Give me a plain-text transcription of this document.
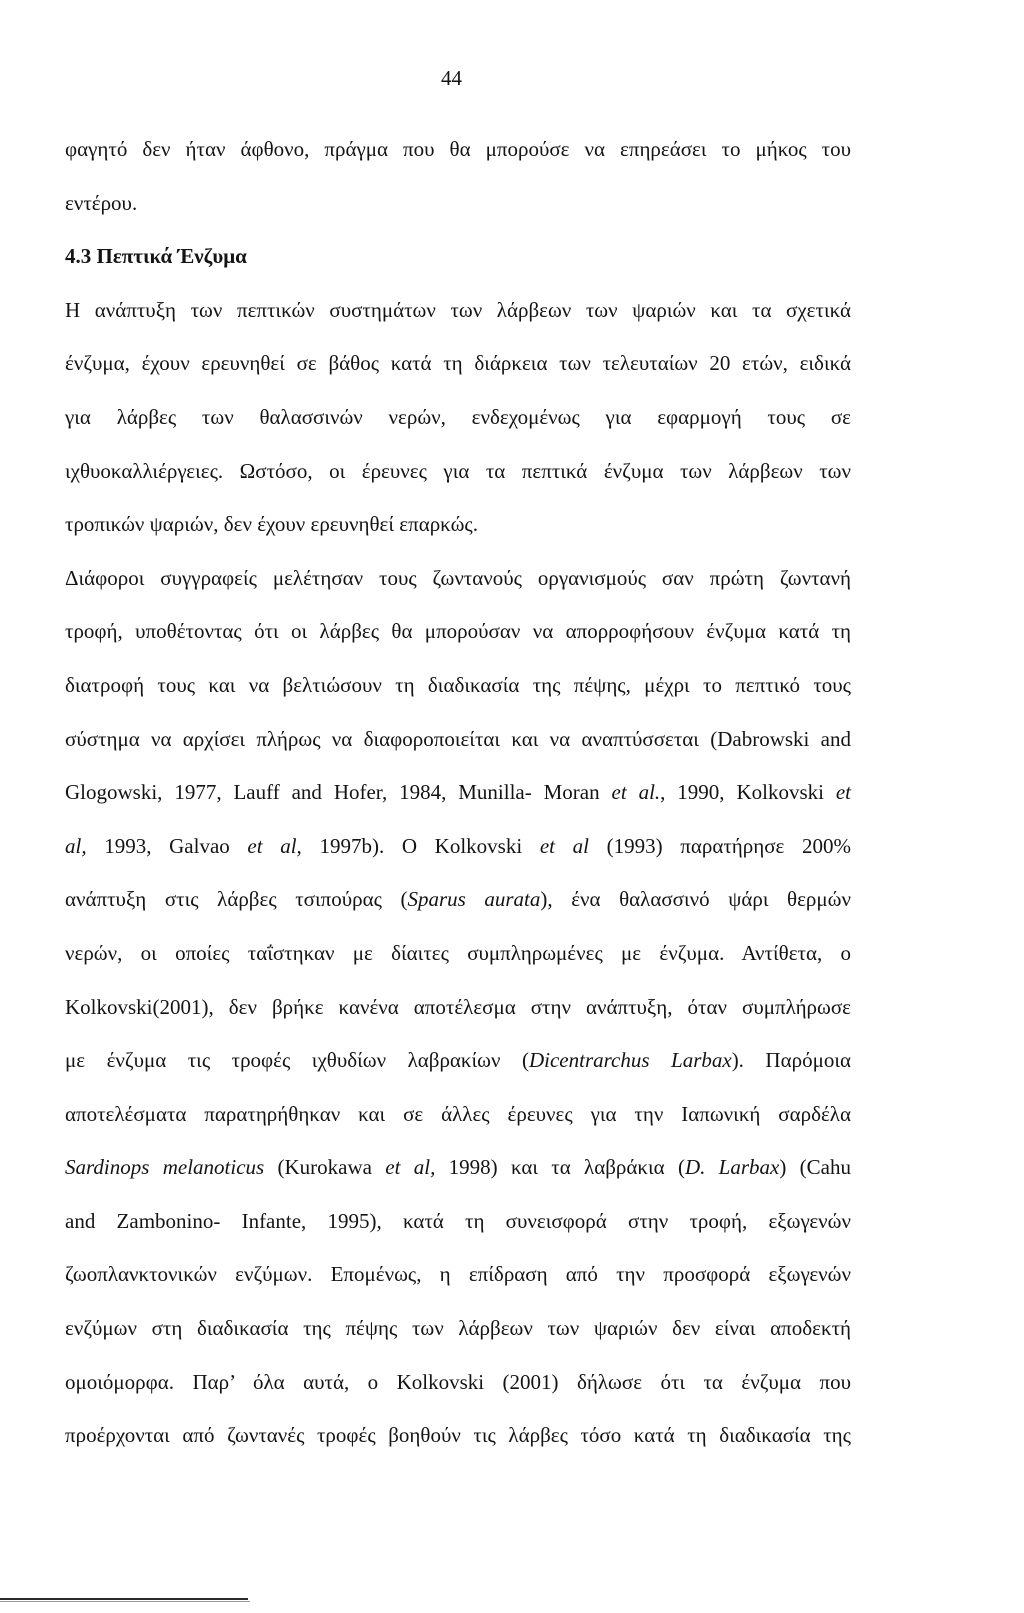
44
φαγητό δεν ήταν άφθονο, πράγμα που θα μπορούσε να επηρεάσει το μήκος του
εντέρου.
4.3 Πεπτικά Ένζυμα
Η ανάπτυξη των πεπτικών συστημάτων των λάρβεων των ψαριών και τα σχετικά
ένζυμα, έχουν ερευνηθεί σε βάθος κατά τη διάρκεια των τελευταίων 20 ετών, ειδικά
για λάρβες των θαλασσινών νερών, ενδεχομένως για εφαρμογή τους σε
ιχθυοκαλλιέργειες. Ωστόσο, οι έρευνες για τα πεπτικά ένζυμα των λάρβεων των
τροπικών ψαριών, δεν έχουν ερευνηθεί επαρκώς.
Διάφοροι συγγραφείς μελέτησαν τους ζωντανούς οργανισμούς σαν πρώτη ζωντανή
τροφή, υποθέτοντας ότι οι λάρβες θα μπορούσαν να απορροφήσουν ένζυμα κατά τη
διατροφή τους και να βελτιώσουν τη διαδικασία της πέψης, μέχρι το πεπτικό τους
σύστημα να αρχίσει πλήρως να διαφοροποιείται και να αναπτύσσεται (Dabrowski and
Glogowski, 1977, Lauff and Hofer, 1984, Munilla- Moran et al., 1990, Kolkovski et
al, 1993, Galvao et al, 1997b). Ο Kolkovski et al (1993) παρατήρησε 200%
ανάπτυξη στις λάρβες τσιπούρας (Sparus aurata), ένα θαλασσινό ψάρι θερμών
νερών, οι οποίες ταΐστηκαν με δίαιτες συμπληρωμένες με ένζυμα. Αντίθετα, ο
Kolkovski(2001), δεν βρήκε κανένα αποτέλεσμα στην ανάπτυξη, όταν συμπλήρωσε
με ένζυμα τις τροφές ιχθυδίων λαβρακίων (Dicentrarchus Larbax). Παρόμοια
αποτελέσματα παρατηρήθηκαν και σε άλλες έρευνες για την Ιαπωνική σαρδέλα
Sardinops melanoticus (Kurokawa et al, 1998) και τα λαβράκια (D. Larbax) (Cahu
and Zambonino- Infante, 1995), κατά τη συνεισφορά στην τροφή, εξωγενών
ζωοπλανκτονικών ενζύμων. Επομένως, η επίδραση από την προσφορά εξωγενών
ενζύμων στη διαδικασία της πέψης των λάρβεων των ψαριών δεν είναι αποδεκτή
ομοιόμορφα. Παρ’ όλα αυτά, ο Kolkovski (2001) δήλωσε ότι τα ένζυμα που
προέρχονται από ζωντανές τροφές βοηθούν τις λάρβες τόσο κατά τη διαδικασία της
